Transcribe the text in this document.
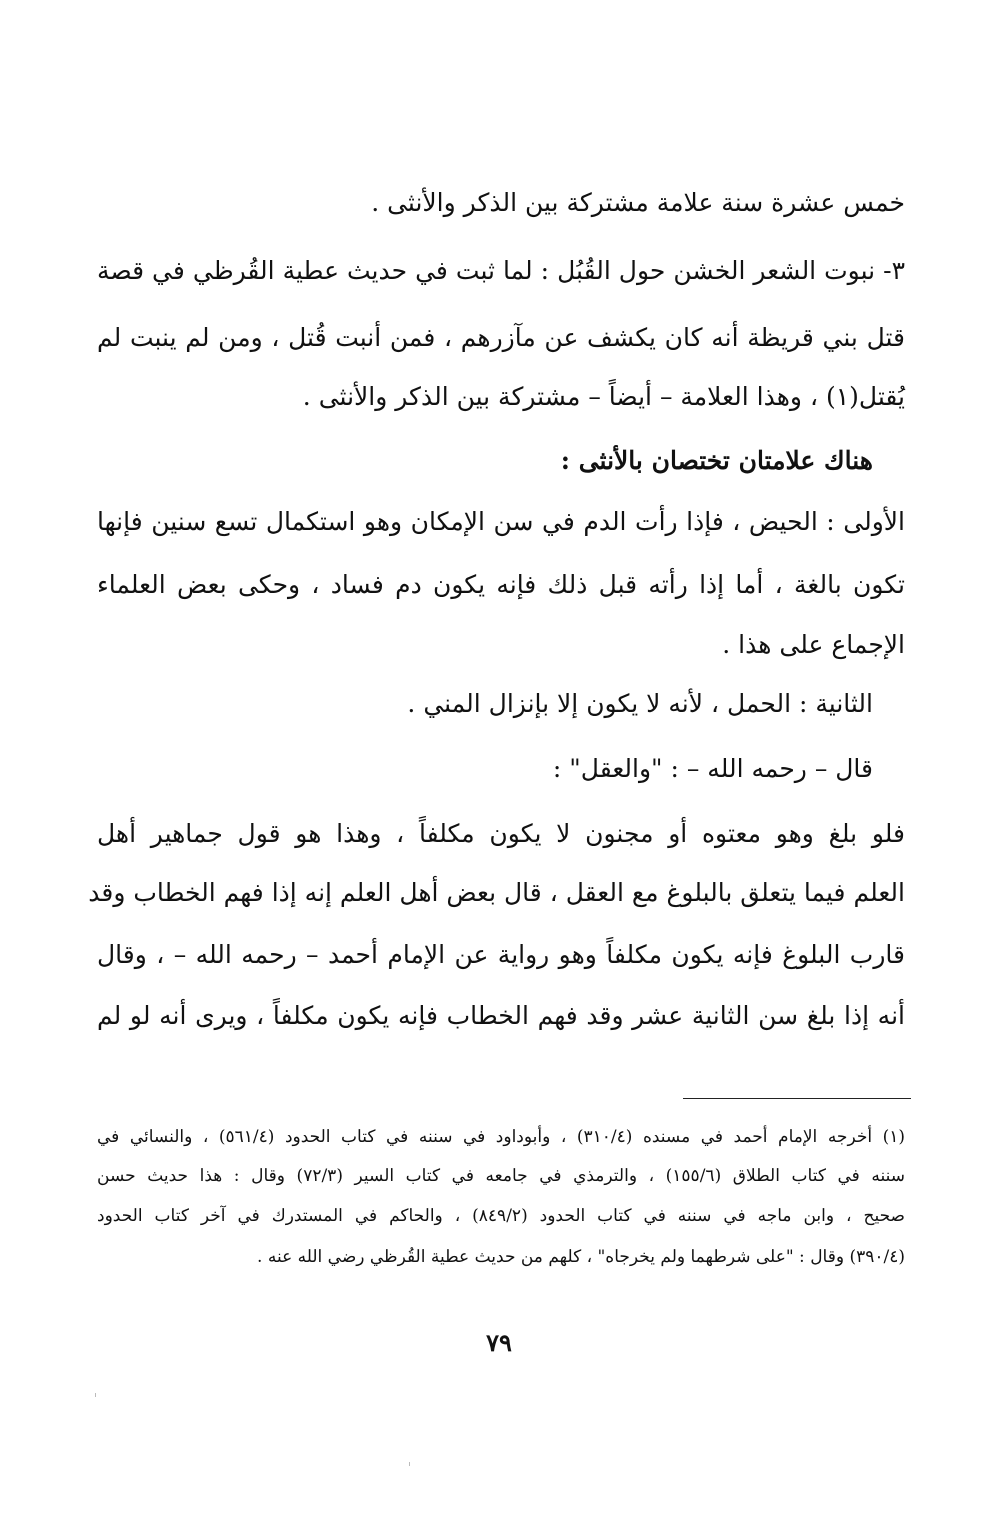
خمس عشرة سنة علامة مشتركة بين الذكر والأنثى .
٣- نبوت الشعر الخشن حول القُبُل : لما ثبت في حديث عطية القُرظي في قصة
قتل بني قريظة أنه كان يكشف عن مآزرهم ، فمن أنبت قُتل ، ومن لم ينبت لم
يُقتل(١) ، وهذا العلامة – أيضاً – مشتركة بين الذكر والأنثى .
هناك علامتان تختصان بالأنثى :
الأولى : الحيض ، فإذا رأت الدم في سن الإمكان وهو استكمال تسع سنين فإنها
تكون بالغة ، أما إذا رأته قبل ذلك فإنه يكون دم فساد ، وحكى بعض العلماء
الإجماع على هذا .
الثانية : الحمل ، لأنه لا يكون إلا بإنزال المني .
قال – رحمه الله – : "والعقل" :
فلو بلغ وهو معتوه أو مجنون لا يكون مكلفاً ، وهذا هو قول جماهير أهل
العلم فيما يتعلق بالبلوغ مع العقل ، قال بعض أهل العلم إنه إذا فهم الخطاب وقد
قارب البلوغ فإنه يكون مكلفاً وهو رواية عن الإمام أحمد – رحمه الله – ، وقال
أنه إذا بلغ سن الثانية عشر وقد فهم الخطاب فإنه يكون مكلفاً ، ويرى أنه لو لم
(١) أخرجه الإمام أحمد في مسنده (٣١٠/٤) ، وأبوداود في سننه في كتاب الحدود (٥٦١/٤) ، والنسائي في
سننه في كتاب الطلاق (١٥٥/٦) ، والترمذي في جامعه في كتاب السير (٧٢/٣) وقال : هذا حديث حسن
صحيح ، وابن ماجه في سننه في كتاب الحدود (٨٤٩/٢) ، والحاكم في المستدرك في آخر كتاب الحدود
(٣٩٠/٤) وقال : "على شرطهما ولم يخرجاه" ، كلهم من حديث عطية القُرظي رضي الله عنه .
٧٩
